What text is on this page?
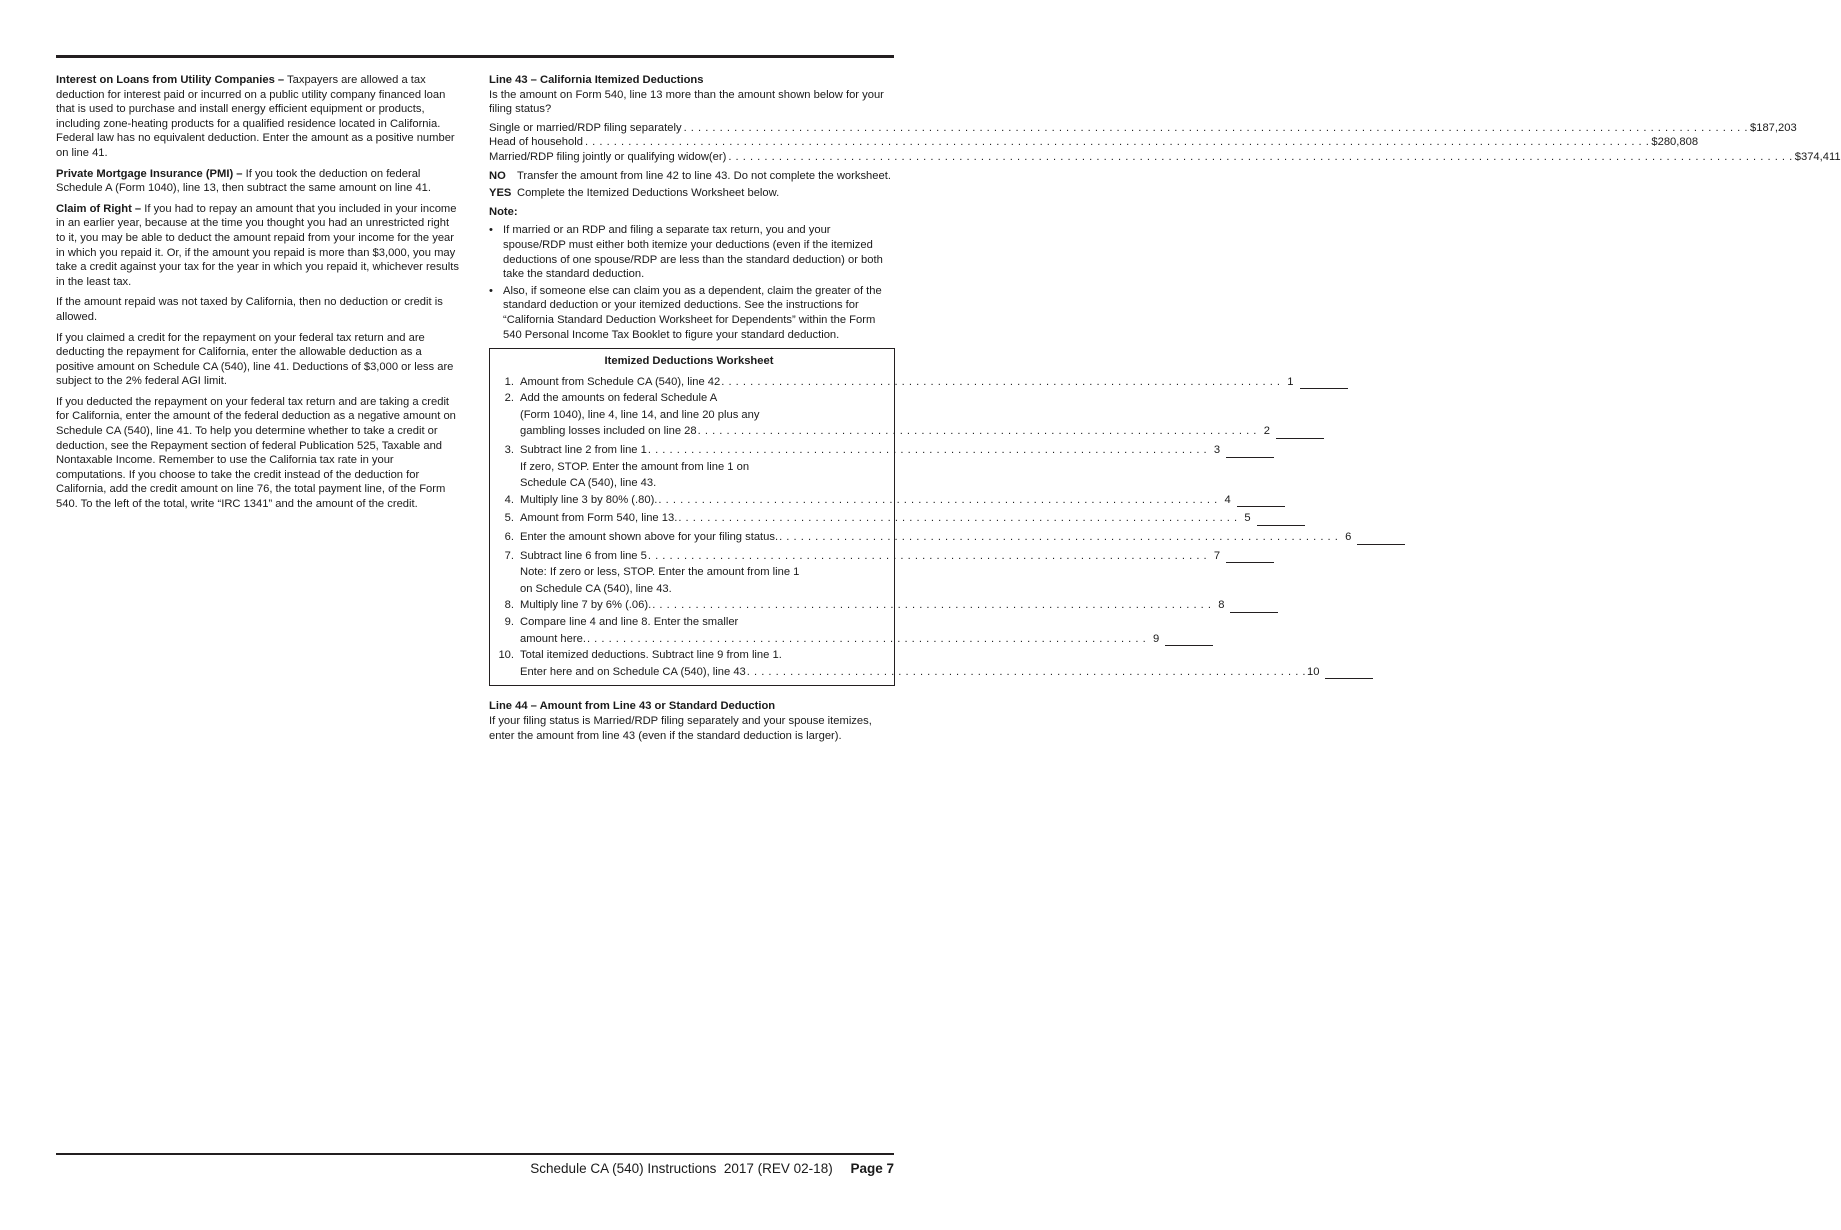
Interest on Loans from Utility Companies – Taxpayers are allowed a tax deduction for interest paid or incurred on a public utility company financed loan that is used to purchase and install energy efficient equipment or products, including zone-heating products for a qualified residence located in California. Federal law has no equivalent deduction. Enter the amount as a positive number on line 41.

Private Mortgage Insurance (PMI) – If you took the deduction on federal Schedule A (Form 1040), line 13, then subtract the same amount on line 41.

Claim of Right – If you had to repay an amount that you included in your income in an earlier year, because at the time you thought you had an unrestricted right to it, you may be able to deduct the amount repaid from your income for the year in which you repaid it. Or, if the amount you repaid is more than $3,000, you may take a credit against your tax for the year in which you repaid it, whichever results in the least tax.

If the amount repaid was not taxed by California, then no deduction or credit is allowed.

If you claimed a credit for the repayment on your federal tax return and are deducting the repayment for California, enter the allowable deduction as a positive amount on Schedule CA (540), line 41. Deductions of $3,000 or less are subject to the 2% federal AGI limit.

If you deducted the repayment on your federal tax return and are taking a credit for California, enter the amount of the federal deduction as a negative amount on Schedule CA (540), line 41. To help you determine whether to take a credit or deduction, see the Repayment section of federal Publication 525, Taxable and Nontaxable Income. Remember to use the California tax rate in your computations. If you choose to take the credit instead of the deduction for California, add the credit amount on line 76, the total payment line, of the Form 540. To the left of the total, write “IRC 1341” and the amount of the credit.

Line 43 – California Itemized Deductions

Is the amount on Form 540, line 13 more than the amount shown below for your filing status?

Single or married/RDP filing separately . . .	$187,203
Head of household . . .	$280,808
Married/RDP filing jointly or qualifying widow(er) . . .	$374,411
NO	Transfer the amount from line 42 to line 43. Do not complete the worksheet.
YES Complete the Itemized Deductions Worksheet below.

Note:

• If married or an RDP and filing a separate tax return, you and your spouse/RDP must either both itemize your deductions (even if the itemized deductions of one spouse/RDP are less than the standard deduction) or both take the standard deduction.
• Also, if someone else can claim you as a dependent, claim the greater of the standard deduction or your itemized deductions. See the instructions for “California Standard Deduction Worksheet for Dependents” within the Form 540 Personal Income Tax Booklet to figure your standard deduction.
Itemized Deductions Worksheet
1. Amount from Schedule CA (540), line 42 . . .	1
2. Add the amounts on federal Schedule A
(Form 1040), line 4, line 14, and line 20 plus any
gambling losses included on line 28 . . .	2
3. Subtract line 2 from line 1 . . .	3
If zero, STOP. Enter the amount from line 1 on
Schedule CA (540), line 43.
4. Multiply line 3 by 80% (.80). . . .	4
5. Amount from Form 540, line 13. . . .	5
6. Enter the amount shown above for your filing status. . . .	6
7. Subtract line 6 from line 5 . . .	7
Note: If zero or less, STOP. Enter the amount from line 1
on Schedule CA (540), line 43.
8. Multiply line 7 by 6% (.06). . . .	8
9. Compare line 4 and line 8. Enter the smaller
amount here. . . .	9
10. Total itemized deductions. Subtract line 9 from line 1.
Enter here and on Schedule CA (540), line 43 . . .	10

Line 44 – Amount from Line 43 or Standard Deduction

If your filing status is Married/RDP filing separately and your spouse itemizes, enter the amount from line 43 (even if the standard deduction is larger).

Schedule CA (540) Instructions  2017 (REV 02-18) Page 7
